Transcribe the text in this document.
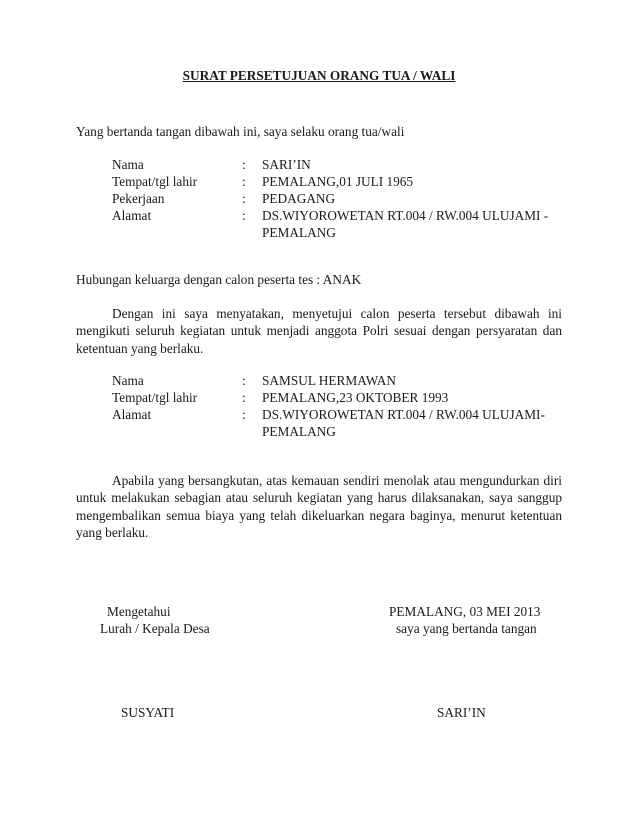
SURAT PERSETUJUAN ORANG TUA / WALI
Yang bertanda tangan dibawah ini, saya selaku orang tua/wali
Nama	: SARI’IN
Tempat/tgl lahir	: PEMALANG,01 JULI 1965
Pekerjaan	: PEDAGANG
Alamat	: DS.WIYOROWETAN RT.004 / RW.004 ULUJAMI -
PEMALANG
Hubungan keluarga dengan calon peserta tes : ANAK
Dengan ini saya menyatakan, menyetujui calon peserta tersebut dibawah ini mengikuti seluruh kegiatan untuk menjadi anggota Polri sesuai dengan persyaratan dan ketentuan yang berlaku.
Nama	: SAMSUL HERMAWAN
Tempat/tgl lahir	: PEMALANG,23 OKTOBER 1993
Alamat	: DS.WIYOROWETAN RT.004 / RW.004 ULUJAMI-
PEMALANG
Apabila yang bersangkutan, atas kemauan sendiri menolak atau mengundurkan diri untuk melakukan sebagian atau seluruh kegiatan yang harus dilaksanakan, saya sanggup mengembalikan semua biaya yang telah dikeluarkan negara baginya, menurut ketentuan yang berlaku.
Mengetahui
Lurah / Kepala Desa
SUSYATI
PEMALANG, 03 MEI 2013
saya yang bertanda tangan
SARI’IN
